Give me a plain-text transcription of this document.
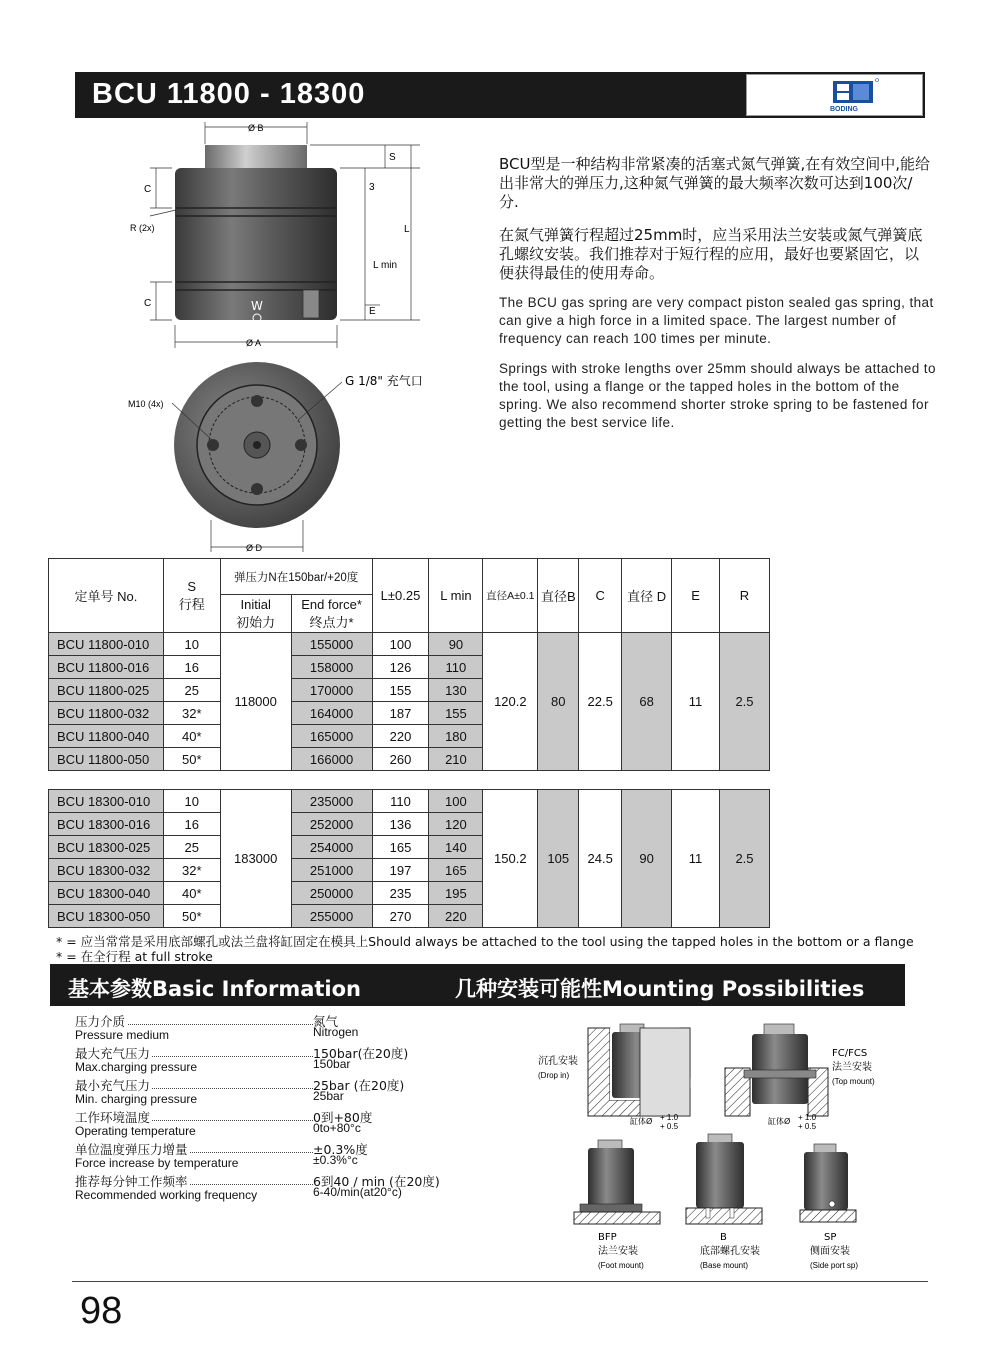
BCU 11800 - 18300	BODING
W
Ø B
S
3
L
L min
C
R (2x)
C
E
Ø A
M10 (4x)
G 1/8" 充气口
Ø D
BCU型是一种结构非常紧凑的活塞式氮气弹簧,在有效空间中,能给出非常大的弹压力,这种氮气弹簧的最大频率次数可达到100次/分.
在氮气弹簧行程超过25mm时，应当采用法兰安装或氮气弹簧底孔螺纹安装。我们推荐对于短行程的应用，最好也要紧固它，以便获得最佳的使用寿命。
The BCU gas spring are very compact piston sealed gas spring, that can give a high force in a limited space. The largest number of frequency can reach 100 times per minute.
Springs with stroke lengths over 25mm should always be attached to the tool, using a flange or the tapped holes in the bottom of the spring. We also recommend shorter stroke spring to be fastened for getting the best service life.
定单号 No.	S
行程	弹压力N在150bar/+20度		L±0.25	L min	直径A±0.1	直径B	C	直径 D	E	R
		Initial
初始力	End force*
终点力*								
BCU 11800-010	10	118000	155000	100	90	120.2	80	22.5	68	11	2.5
BCU 11800-016	16		158000	126	110						
BCU 11800-025	25		170000	155	130						
BCU 11800-032	32*		164000	187	155						
BCU 11800-040	40*		165000	220	180						
BCU 11800-050	50*		166000	260	210						
BCU 18300-010	10	183000	235000	110	100	150.2	105	24.5	90	11	2.5
BCU 18300-016	16		252000	136	120						
BCU 18300-025	25		254000	165	140						
BCU 18300-032	32*		251000	197	165						
BCU 18300-040	40*		250000	235	195						
BCU 18300-050	50*		255000	270	220						
* = 应当常常是采用底部螺孔或法兰盘将缸固定在模具上Should always be attached to the tool using the tapped holes in the bottom or a flange
* = 在全行程 at full stroke
基本参数Basic Information	几种安装可能性Mounting Possibilities
压力介质
Pressure medium
氮气
Nitrogen
最大充气压力
Max.charging pressure
150bar(在20度)
150bar
最小充气压力
Min. charging pressure
25bar (在20度)
25bar
工作环境温度
Operating temperature
0到+80度
0to+80°c
单位温度弹压力增量
Force increase by temperature
±0.3%度
±0.3%°c
推荐每分钟工作频率
Recommended working frequency
6到40 / min (在20度)
6-40/min(at20°c)
沉孔安装
(Drop in)
缸体Ø + 1.0
+ 0.5
FC/FCS
法兰安装
(Top mount)
缸体Ø + 1.0
+ 0.5
BFP
法兰安装
(Foot mount)
B
底部螺孔安装
(Base mount)
SP
侧面安装
(Side port sp)
98
